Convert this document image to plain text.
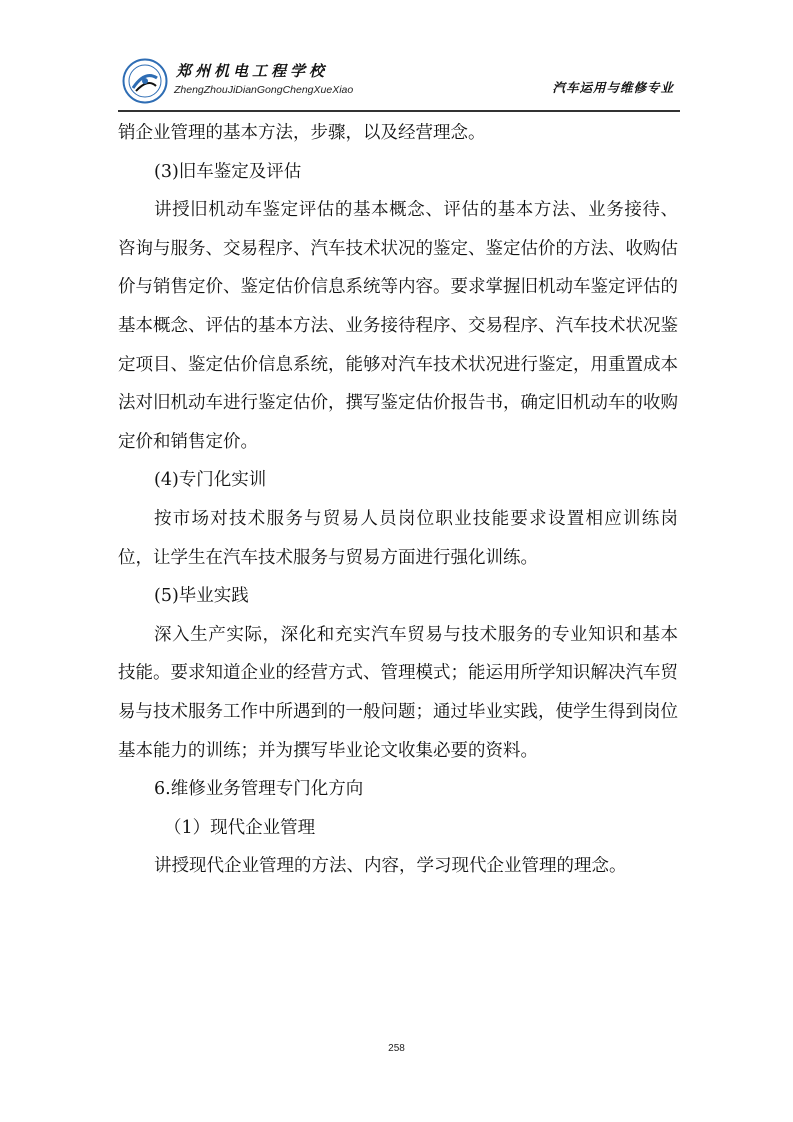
郑州机电工程学校
ZhengZhouJiDianGongChengXueXiao	汽车运用与维修专业

销企业管理的基本方法，步骤，以及经营理念。

(3)旧车鉴定及评估

讲授旧机动车鉴定评估的基本概念、评估的基本方法、业务接待、咨询与服务、交易程序、汽车技术状况的鉴定、鉴定估价的方法、收购估价与销售定价、鉴定估价信息系统等内容。要求掌握旧机动车鉴定评估的基本概念、评估的基本方法、业务接待程序、交易程序、汽车技术状况鉴定项目、鉴定估价信息系统，能够对汽车技术状况进行鉴定，用重置成本法对旧机动车进行鉴定估价，撰写鉴定估价报告书，确定旧机动车的收购定价和销售定价。

(4)专门化实训

按市场对技术服务与贸易人员岗位职业技能要求设置相应训练岗位，让学生在汽车技术服务与贸易方面进行强化训练。

(5)毕业实践

深入生产实际，深化和充实汽车贸易与技术服务的专业知识和基本技能。要求知道企业的经营方式、管理模式；能运用所学知识解决汽车贸易与技术服务工作中所遇到的一般问题；通过毕业实践，使学生得到岗位基本能力的训练；并为撰写毕业论文收集必要的资料。

6.维修业务管理专门化方向

（1）现代企业管理

讲授现代企业管理的方法、内容，学习现代企业管理的理念。

258
